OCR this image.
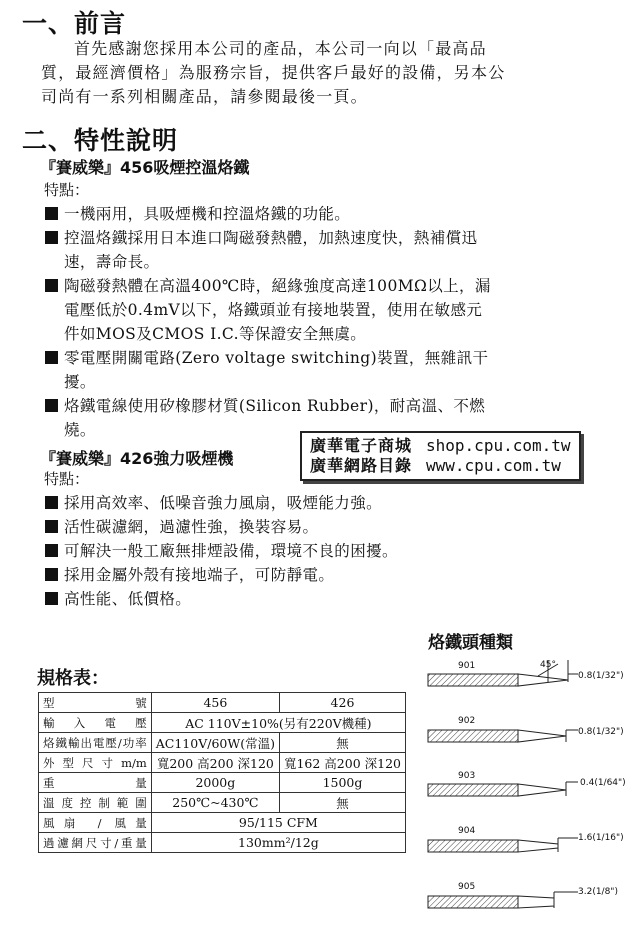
一、前言
首先感謝您採用本公司的產品，本公司一向以「最高品
質，最經濟價格」為服務宗旨，提供客戶最好的設備，另本公
司尚有一系列相關產品，請參閱最後一頁。
二、特性說明
『賽威樂』456吸煙控溫烙鐵
特點：
一機兩用，具吸煙機和控溫烙鐵的功能。
控溫烙鐵採用日本進口陶磁發熱體，加熱速度快，熱補償迅
速，壽命長。
陶磁發熱體在高溫400℃時，絕緣強度高達100MΩ以上，漏
電壓低於0.4mV以下，烙鐵頭並有接地裝置，使用在敏感元
件如MOS及CMOS I.C.等保證安全無虞。
零電壓開關電路(Zero voltage switching)裝置，無雜訊干
擾。
烙鐵電線使用矽橡膠材質(Silicon Rubber)，耐高溫、不燃
燒。
廣華電子商城 shop.cpu.com.tw
廣華網路目錄 www.cpu.com.tw
『賽威樂』426強力吸煙機
特點：
採用高效率、低噪音強力風扇，吸煙能力強。
活性碳濾網，過濾性強，換裝容易。
可解決一般工廠無排煙設備，環境不良的困擾。
採用金屬外殼有接地端子，可防靜電。
高性能、低價格。
規格表：
型號	456	426
輸入電壓	AC 110V±10%(另有220V機種)	
烙鐵輸出電壓/功率	AC110V/60W(常溫)	無
外型尺寸m/m	寬200 高200 深120	寬162 高200 深120
重量	2000g	1500g
溫度控制範圍	250℃~430℃	無
風扇 / 風量	95/115 CFM	
過濾網尺寸/重量	130mm²/12g	
烙鐵頭種類
901
902
903
904
905
0.8(1/32")
0.8(1/32")
0.4(1/64")
1.6(1/16")
3.2(1/8")
45°
